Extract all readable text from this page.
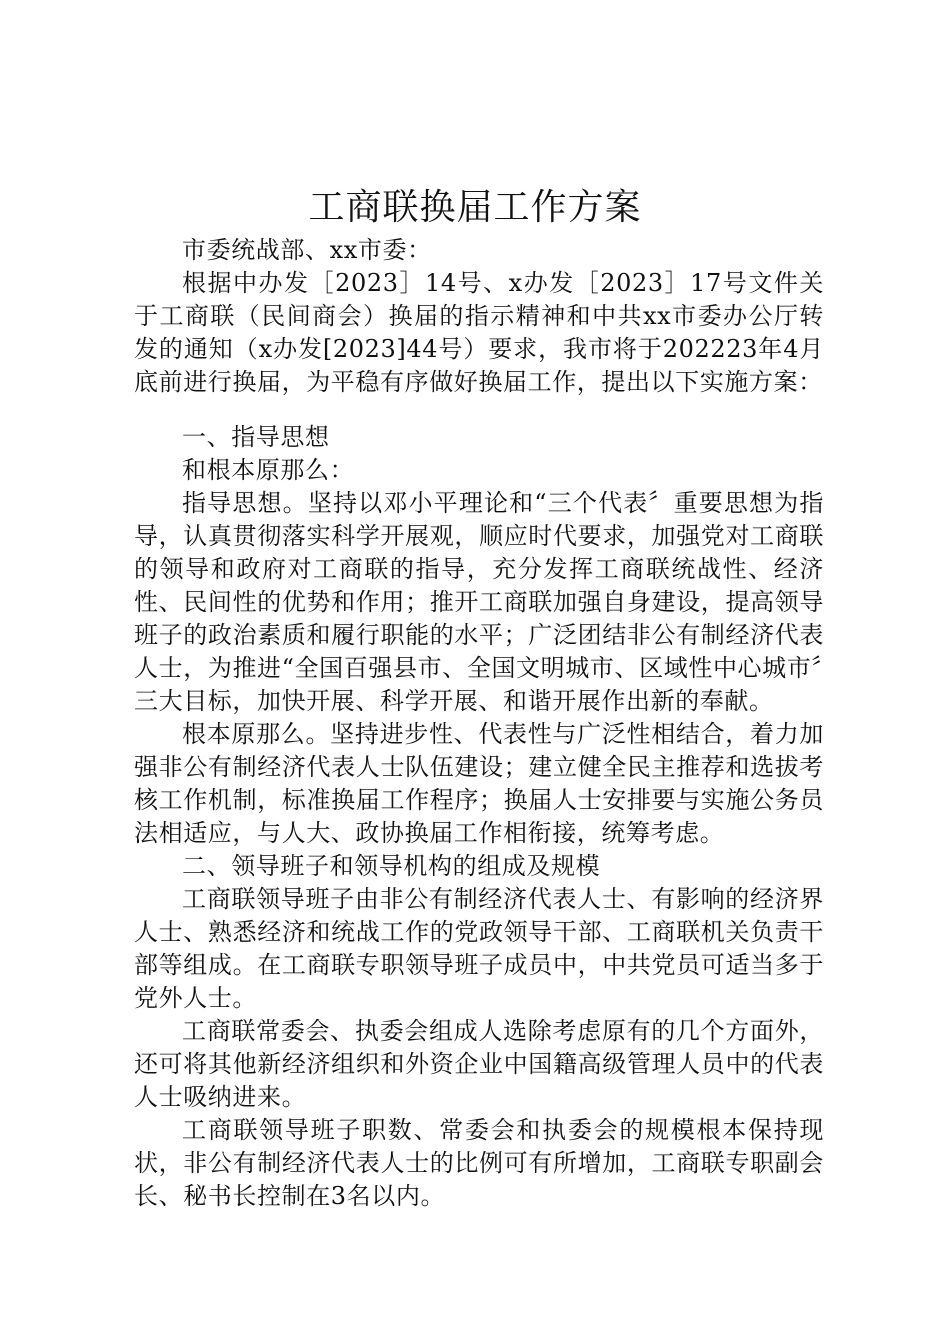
工商联换届工作方案

市委统战部、xx市委：

根据中办发［2023］14号、x办发［2023］17号文件关于工商联（民间商会）换届的指示精神和中共xx市委办公厅转发的通知（x办发[2023]44号）要求，我市将于202223年4月底前进行换届，为平稳有序做好换届工作，提出以下实施方案：

一、指导思想

和根本原那么：

指导思想。坚持以邓小平理论和“三个代表〞重要思想为指导，认真贯彻落实科学开展观，顺应时代要求，加强党对工商联的领导和政府对工商联的指导，充分发挥工商联统战性、经济性、民间性的优势和作用；推开工商联加强自身建设，提高领导班子的政治素质和履行职能的水平；广泛团结非公有制经济代表人士，为推进“全国百强县市、全国文明城市、区域性中心城市〞三大目标，加快开展、科学开展、和谐开展作出新的奉献。

根本原那么。坚持进步性、代表性与广泛性相结合，着力加强非公有制经济代表人士队伍建设；建立健全民主推荐和选拔考核工作机制，标准换届工作程序；换届人士安排要与实施公务员法相适应，与人大、政协换届工作相衔接，统筹考虑。

二、领导班子和领导机构的组成及规模

工商联领导班子由非公有制经济代表人士、有影响的经济界人士、熟悉经济和统战工作的党政领导干部、工商联机关负责干部等组成。在工商联专职领导班子成员中，中共党员可适当多于党外人士。

工商联常委会、执委会组成人选除考虑原有的几个方面外，还可将其他新经济组织和外资企业中国籍高级管理人员中的代表人士吸纳进来。

工商联领导班子职数、常委会和执委会的规模根本保持现状，非公有制经济代表人士的比例可有所增加，工商联专职副会长、秘书长控制在3名以内。
